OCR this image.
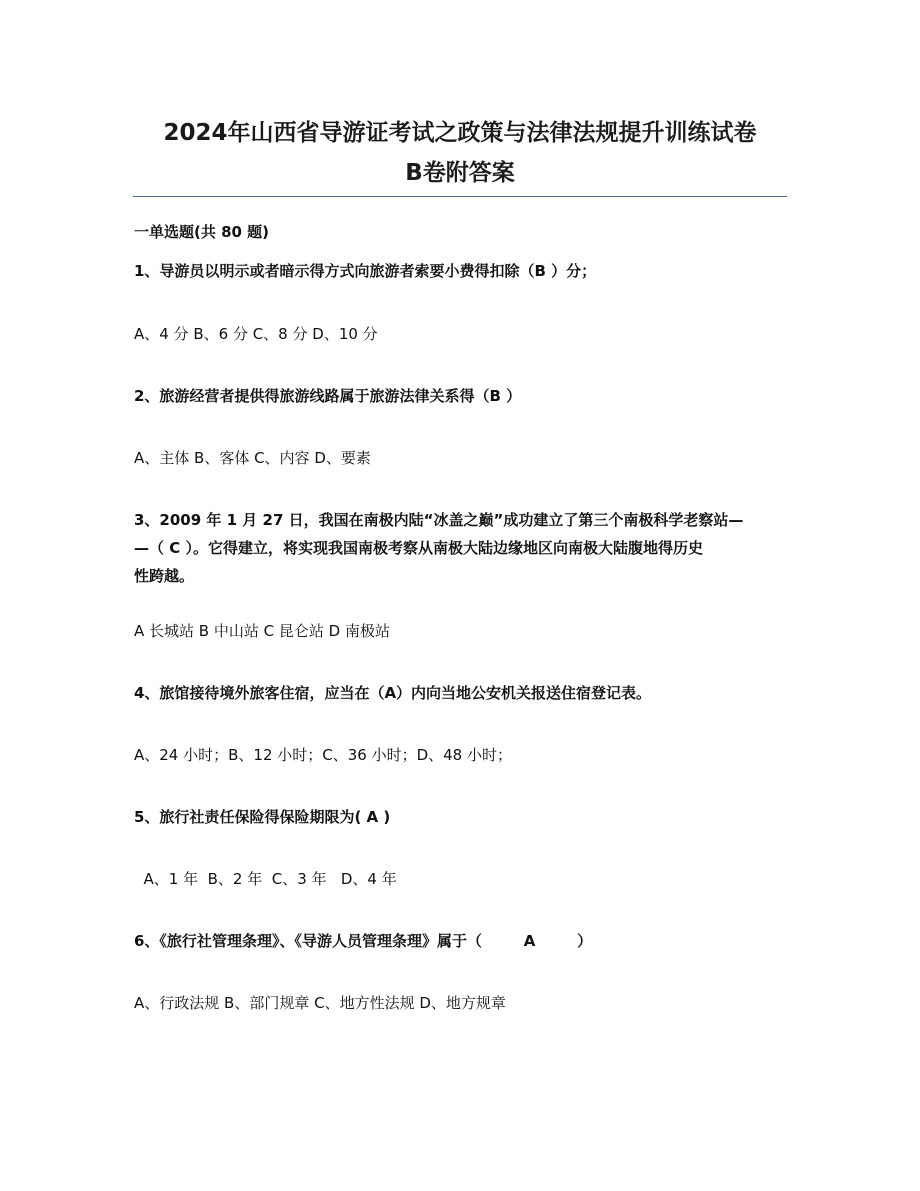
2024年山西省导游证考试之政策与法律法规提升训练试卷
B卷附答案
一单选题(共 80 题)
1、导游员以明示或者暗示得方式向旅游者索要小费得扣除（B ）分；
A、4 分 B、6 分 C、8 分 D、10 分
2、旅游经营者提供得旅游线路属于旅游法律关系得（B ）
A、主体 B、客体 C、内容 D、要素
3、2009 年 1 月 27 日，我国在南极内陆“冰盖之巅”成功建立了第三个南极科学老察站—
—（ C ）。它得建立，将实现我国南极考察从南极大陆边缘地区向南极大陆腹地得历史
性跨越。
A 长城站 B 中山站 C 昆仑站 D 南极站
4、旅馆接待境外旅客住宿，应当在（A）内向当地公安机关报送住宿登记表。
A、24 小时；B、12 小时；C、36 小时；D、48 小时；
5、旅行社责任保险得保险期限为( A )
A、1 年  B、2 年  C、3 年   D、4 年
6、《旅行社管理条理》、《导游人员管理条理》属于（        A        ）
A、行政法规 B、部门规章 C、地方性法规 D、地方规章
